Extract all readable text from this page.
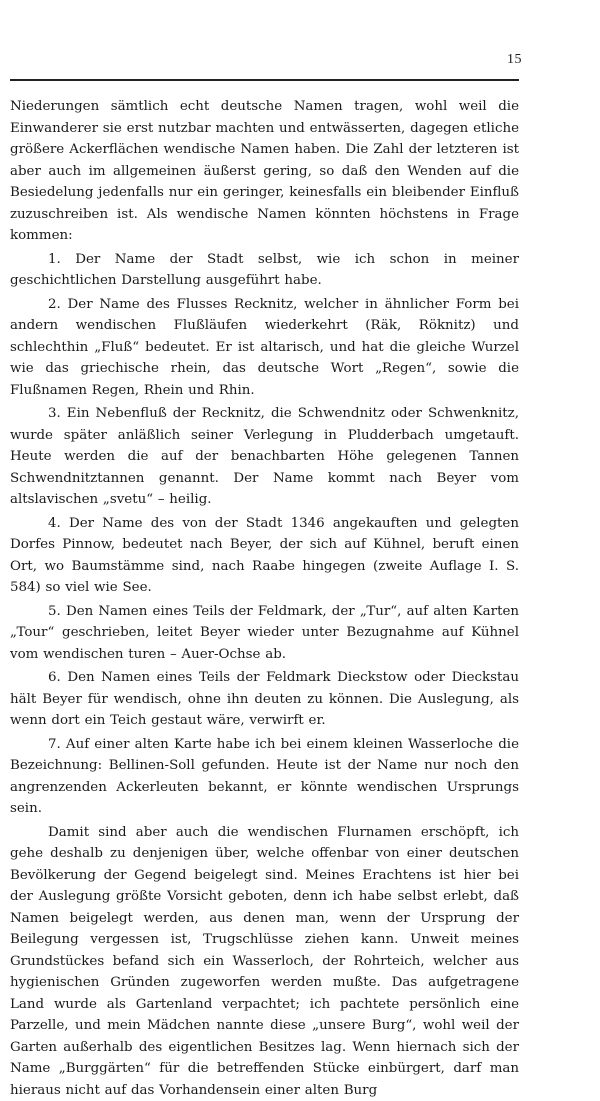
15

Niederungen sämtlich echt deutsche Namen tragen, wohl weil die Einwanderer sie erst nutzbar machten und entwässerten, dagegen etliche größere Ackerflächen wendische Namen haben. Die Zahl der letzteren ist aber auch im allgemeinen äußerst gering, so daß den Wenden auf die Besiedelung jedenfalls nur ein geringer, keinesfalls ein bleibender Einfluß zuzuschreiben ist. Als wendische Namen könnten höchstens in Frage kommen:

1. Der Name der Stadt selbst, wie ich schon in meiner geschichtlichen Darstellung ausgeführt habe.

2. Der Name des Flusses Recknitz, welcher in ähnlicher Form bei andern wendischen Flußläufen wiederkehrt (Räk, Röknitz) und schlechthin „Fluß“ bedeutet. Er ist altarisch, und hat die gleiche Wurzel wie das griechische rhein, das deutsche Wort „Regen“, sowie die Flußnamen Regen, Rhein und Rhin.

3. Ein Nebenfluß der Recknitz, die Schwendnitz oder Schwenknitz, wurde später anläßlich seiner Verlegung in Pludderbach umgetauft. Heute werden die auf der benachbarten Höhe gelegenen Tannen Schwendnitztannen genannt. Der Name kommt nach Beyer vom altslavischen „svetu“ – heilig.

4. Der Name des von der Stadt 1346 angekauften und gelegten Dorfes Pinnow, bedeutet nach Beyer, der sich auf Kühnel, beruft einen Ort, wo Baumstämme sind, nach Raabe hingegen (zweite Auflage I. S. 584) so viel wie See.

5. Den Namen eines Teils der Feldmark, der „Tur“, auf alten Karten „Tour“ geschrieben, leitet Beyer wieder unter Bezugnahme auf Kühnel vom wendischen turen – Auer-Ochse ab.

6. Den Namen eines Teils der Feldmark Dieckstow oder Dieckstau hält Beyer für wendisch, ohne ihn deuten zu können. Die Auslegung, als wenn dort ein Teich gestaut wäre, verwirft er.

7. Auf einer alten Karte habe ich bei einem kleinen Wasserloche die Bezeichnung: Bellinen-Soll gefunden. Heute ist der Name nur noch den angrenzenden Ackerleuten bekannt, er könnte wendischen Ursprungs sein.

Damit sind aber auch die wendischen Flurnamen erschöpft, ich gehe deshalb zu denjenigen über, welche offenbar von einer deutschen Bevölkerung der Gegend beigelegt sind. Meines Erachtens ist hier bei der Auslegung größte Vorsicht geboten, denn ich habe selbst erlebt, daß Namen beigelegt werden, aus denen man, wenn der Ursprung der Beilegung vergessen ist, Trugschlüsse ziehen kann. Unweit meines Grundstückes befand sich ein Wasserloch, der Rohrteich, welcher aus hygienischen Gründen zugeworfen werden mußte. Das aufgetragene Land wurde als Gartenland verpachtet; ich pachtete persönlich eine Parzelle, und mein Mädchen nannte diese „unsere Burg“, wohl weil der Garten außerhalb des eigentlichen Besitzes lag. Wenn hiernach sich der Name „Burggärten“ für die betreffenden Stücke einbürgert, darf man hieraus nicht auf das Vorhandensein einer alten Burg
